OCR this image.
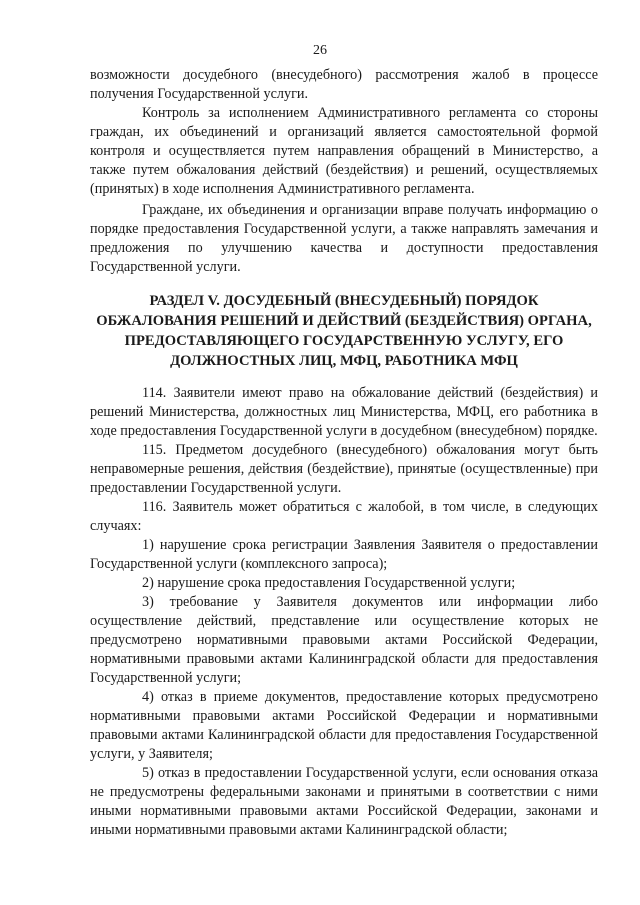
26

возможности досудебного (внесудебного) рассмотрения жалоб в процессе получения Государственной услуги.

Контроль за исполнением Административного регламента со стороны граждан, их объединений и организаций является самостоятельной формой контроля и осуществляется путем направления обращений в Министерство, а также путем обжалования действий (бездействия) и решений, осуществляемых (принятых) в ходе исполнения Административного регламента.

Граждане, их объединения и организации вправе получать информацию о порядке предоставления Государственной услуги, а также направлять замечания и предложения по улучшению качества и доступности предоставления Государственной услуги.

РАЗДЕЛ V. ДОСУДЕБНЫЙ (ВНЕСУДЕБНЫЙ) ПОРЯДОК ОБЖАЛОВАНИЯ РЕШЕНИЙ И ДЕЙСТВИЙ (БЕЗДЕЙСТВИЯ) ОРГАНА, ПРЕДОСТАВЛЯЮЩЕГО ГОСУДАРСТВЕННУЮ УСЛУГУ, ЕГО ДОЛЖНОСТНЫХ ЛИЦ, МФЦ, РАБОТНИКА МФЦ

114. Заявители имеют право на обжалование действий (бездействия) и решений Министерства, должностных лиц Министерства, МФЦ, его работника в ходе предоставления Государственной услуги в досудебном (внесудебном) порядке.

115. Предметом досудебного (внесудебного) обжалования могут быть неправомерные решения, действия (бездействие), принятые (осуществленные) при предоставлении Государственной услуги.

116. Заявитель может обратиться с жалобой, в том числе, в следующих случаях:

1) нарушение срока регистрации Заявления Заявителя о предоставлении Государственной услуги (комплексного запроса);

2) нарушение срока предоставления Государственной услуги;

3) требование у Заявителя документов или информации либо осуществление действий, представление или осуществление которых не предусмотрено нормативными правовыми актами Российской Федерации, нормативными правовыми актами Калининградской области для предоставления Государственной услуги;

4) отказ в приеме документов, предоставление которых предусмотрено нормативными правовыми актами Российской Федерации и нормативными правовыми актами Калининградской области для предоставления Государственной услуги, у Заявителя;

5) отказ в предоставлении Государственной услуги, если основания отказа не предусмотрены федеральными законами и принятыми в соответствии с ними иными нормативными правовыми актами Российской Федерации, законами и иными нормативными правовыми актами Калининградской области;
